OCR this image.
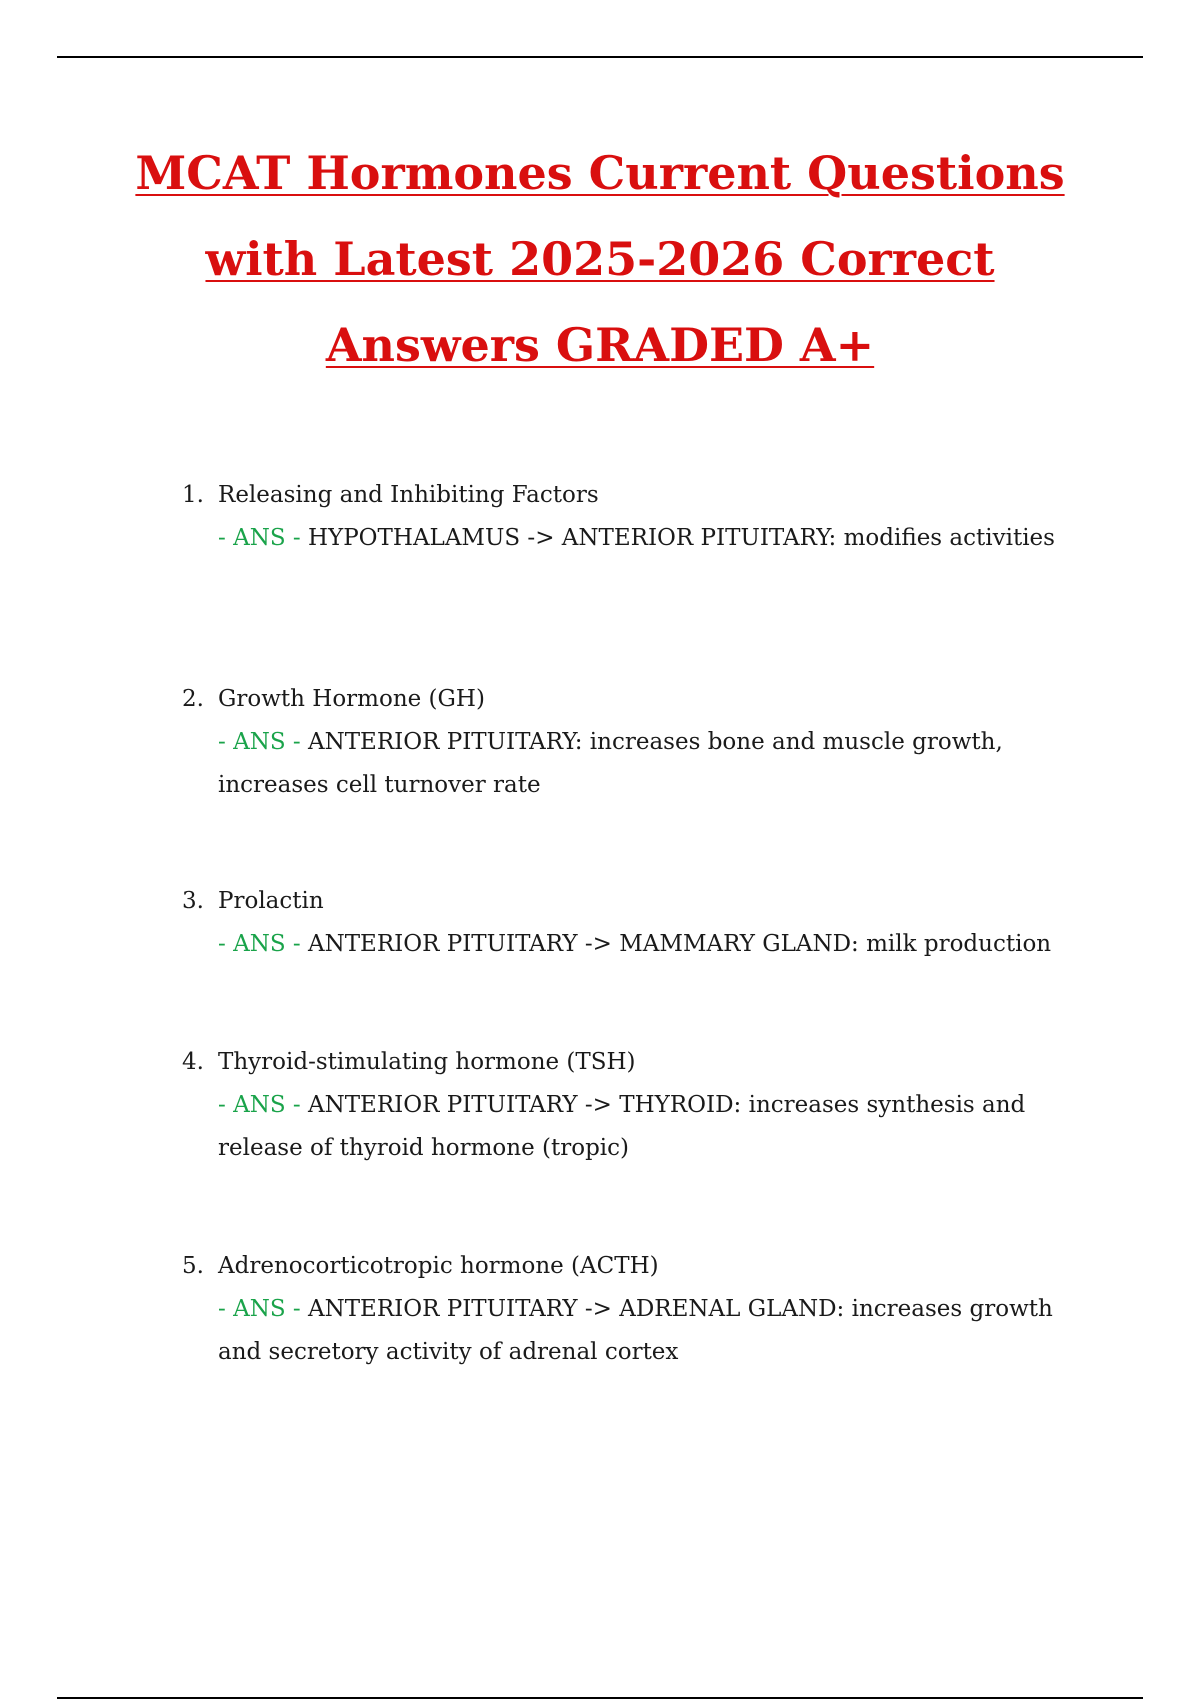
MCAT Hormones Current Questions
with Latest 2025-2026 Correct
Answers GRADED A+
1. Releasing and Inhibiting Factors
- ANS - HYPOTHALAMUS -> ANTERIOR PITUITARY: modifies activities
2. Growth Hormone (GH)
- ANS - ANTERIOR PITUITARY: increases bone and muscle growth, increases cell turnover rate
3. Prolactin
- ANS - ANTERIOR PITUITARY -> MAMMARY GLAND: milk production
4. Thyroid-stimulating hormone (TSH)
- ANS - ANTERIOR PITUITARY -> THYROID: increases synthesis and release of thyroid hormone (tropic)
5. Adrenocorticotropic hormone (ACTH)
- ANS - ANTERIOR PITUITARY -> ADRENAL GLAND: increases growth and secretory activity of adrenal cortex
